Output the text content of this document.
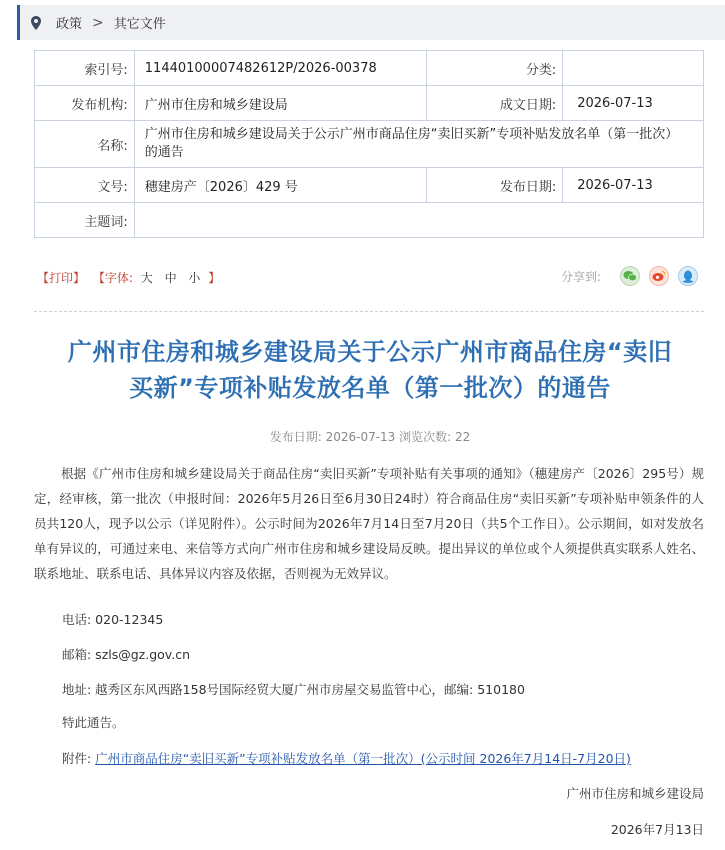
政策 > 其它文件
索引号:	11440100007482612P/2026-00378	分类:	
发布机构:	广州市住房和城乡建设局	成文日期:	2026-07-13
名称:	广州市住房和城乡建设局关于公示广州市商品住房“卖旧买新”专项补贴发放名单（第一批次）的通告		
文号:	穗建房产〔2026〕429 号	发布日期:	2026-07-13
主题词:			
【打印】 【字体: 大 中 小 】	分享到:
广州市住房和城乡建设局关于公示广州市商品住房“卖旧
买新”专项补贴发放名单（第一批次）的通告
发布日期: 2026-07-13 浏览次数: 22

根据《广州市住房和城乡建设局关于商品住房“卖旧买新”专项补贴有关事项的通知》（穗建房产〔2026〕295号）规定，经审核，第一批次（申报时间：2026年5月26日至6月30日24时）符合商品住房“卖旧买新”专项补贴申领条件的人员共120人，现予以公示（详见附件）。公示时间为2026年7月14日至7月20日（共5个工作日）。公示期间，如对发放名单有异议的，可通过来电、来信等方式向广州市住房和城乡建设局反映。提出异议的单位或个人须提供真实联系人姓名、联系地址、联系电话、具体异议内容及依据，否则视为无效异议。

电话: 020-12345
邮箱: szls@gz.gov.cn
地址: 越秀区东风西路158号国际经贸大厦广州市房屋交易监管中心，邮编: 510180
特此通告。
附件: 广州市商品住房“卖旧买新”专项补贴发放名单（第一批次）(公示时间 2026年7月14日-7月20日)
广州市住房和城乡建设局
2026年7月13日
